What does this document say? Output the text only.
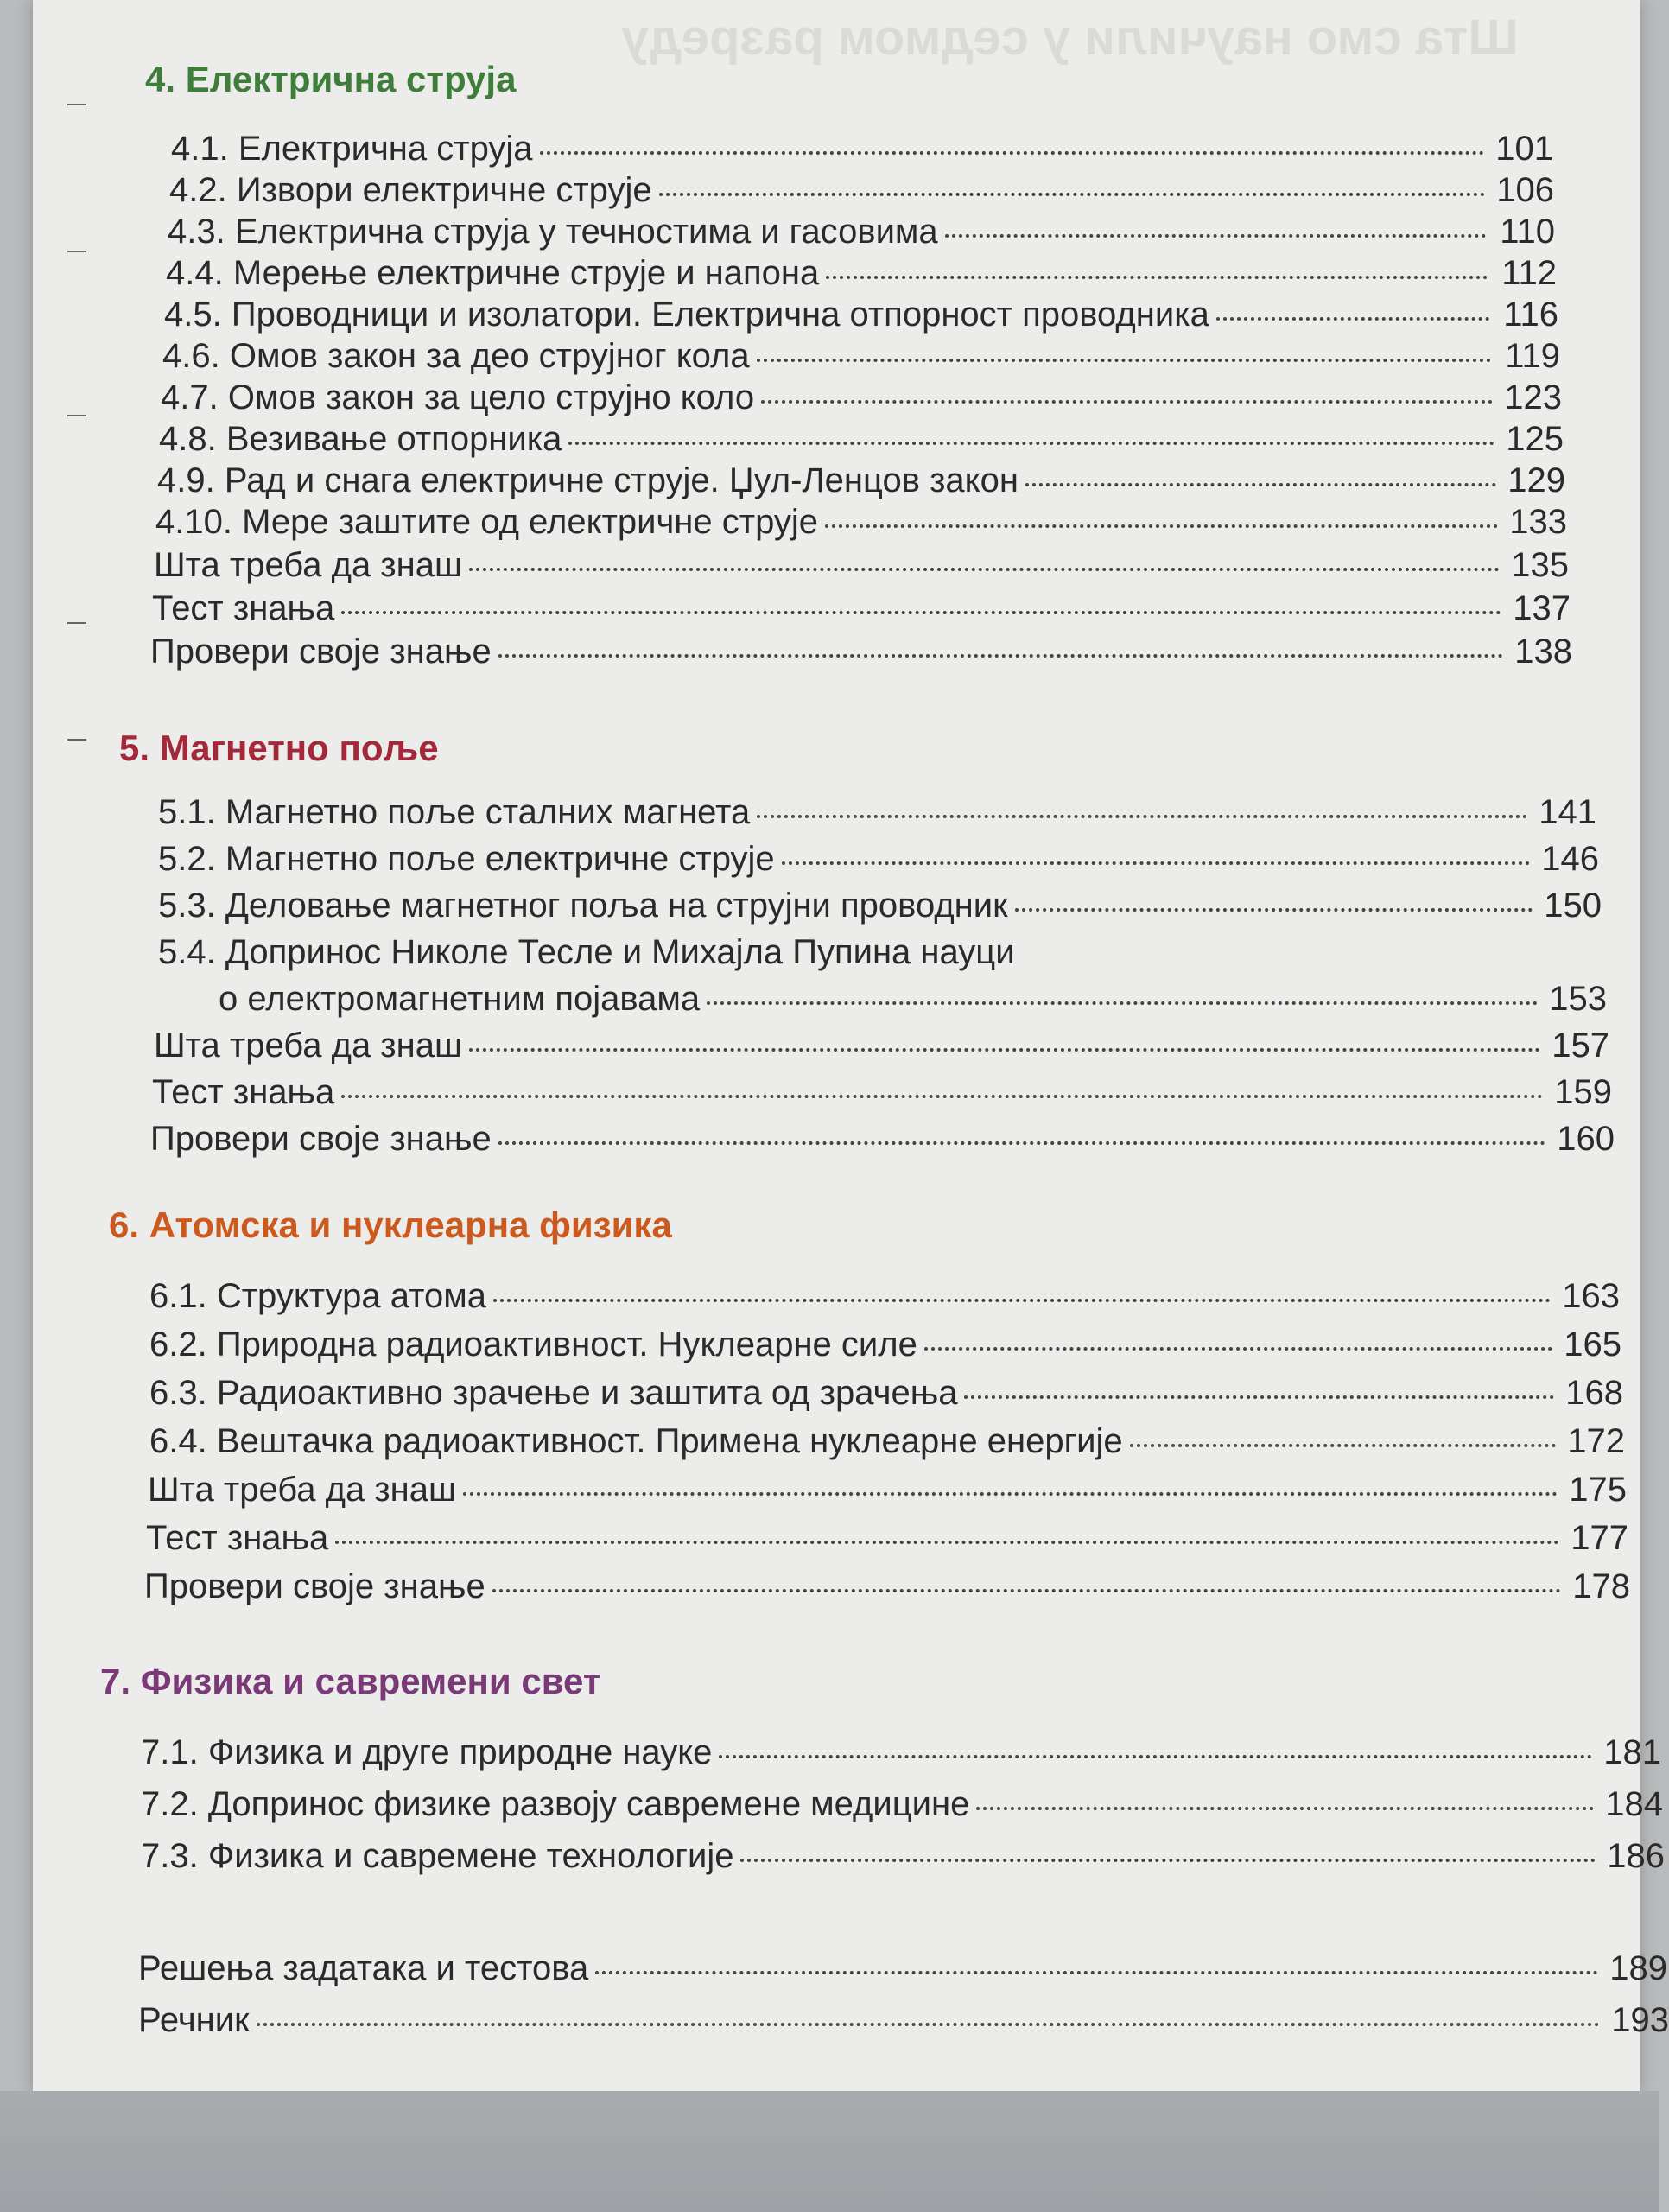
Шта смо научили у седмом разреду
4. Електрична струја
4.1. Електрична струја	101
4.2. Извори електричне струје	106
4.3. Електрична струја у течностима и гасовима	110
4.4. Мерење електричне струје и напона	112
4.5. Проводници и изолатори. Електрична отпорност проводника	116
4.6. Омов закон за део струјног кола	119
4.7. Омов закон за цело струјно коло	123
4.8. Везивање отпорника	125
4.9. Рад и снага електричне струје. Џул-Ленцов закон	129
4.10. Мере заштите од електричне струје	133
Шта треба да знаш	135
Тест знања	137
Провери своје знање	138
5. Магнетно поље
5.1. Магнетно поље сталних магнета	141
5.2. Магнетно поље електричне струје	146
5.3. Деловање магнетног поља на струјни проводник	150
5.4. Допринос Николе Тесле и Михајла Пупина науци
о електромагнетним појавама	153
Шта треба да знаш	157
Тест знања	159
Провери своје знање	160
6. Атомска и нуклеарна физика
6.1. Структура атома	163
6.2. Природна радиоактивност. Нуклеарне силе	165
6.3. Радиоактивно зрачење и заштита од зрачења	168
6.4. Вештачка радиоактивност. Примена нуклеарне енергије	172
Шта треба да знаш	175
Тест знања	177
Провери своје знање	178
7. Физика и савремени свет
7.1. Физика и друге природне науке	181
7.2. Допринос физике развоју савремене медицине	184
7.3. Физика и савремене технологије	186
Решења задатака и тестова	189
Речник	193
